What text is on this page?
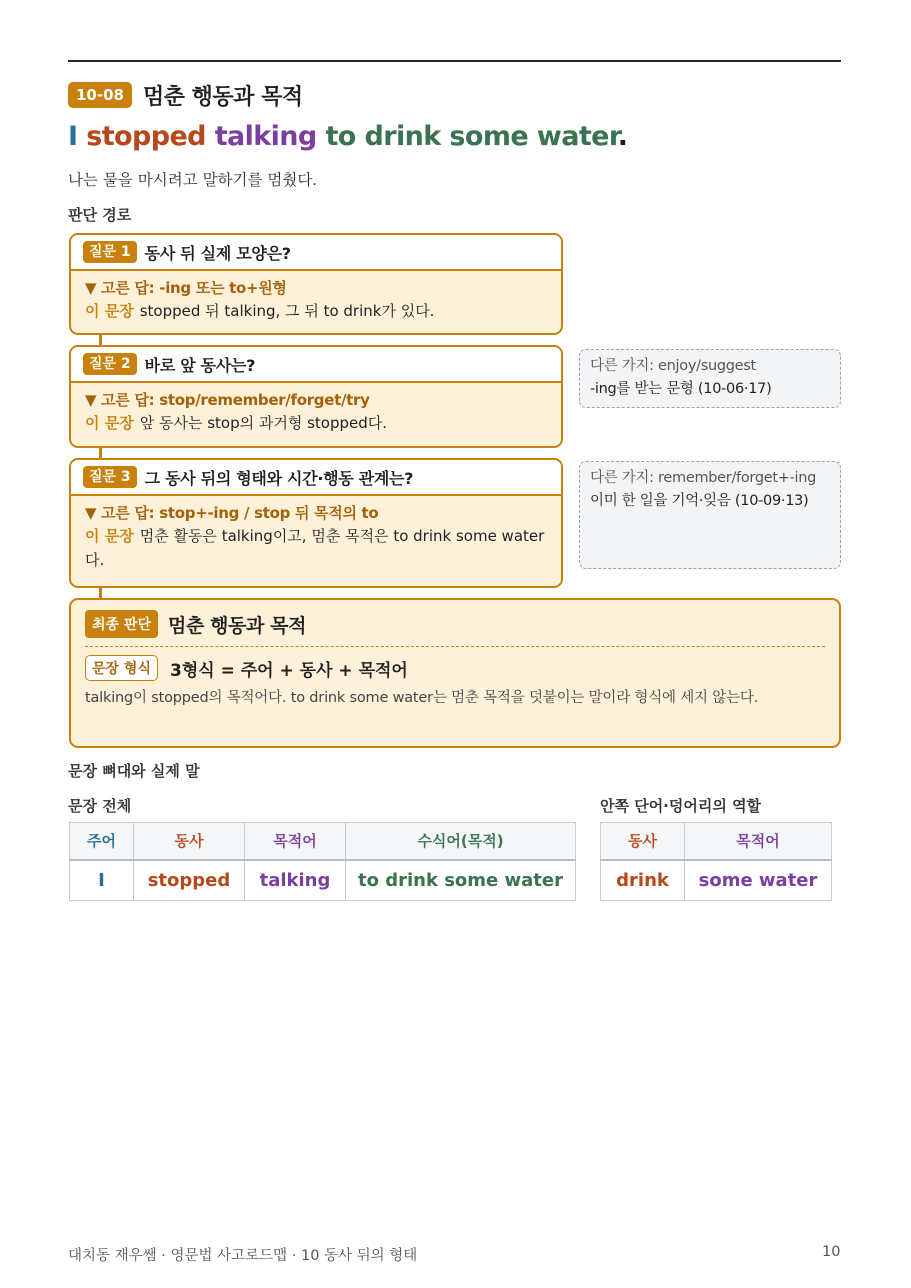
10-08 멈춘 행동과 목적
I stopped talking to drink some water.
나는 물을 마시려고 말하기를 멈췄다.
판단 경로
질문 1 동사 뒤 실제 모양은?
▼ 고른 답: -ing 또는 to+원형
이 문장 stopped 뒤 talking, 그 뒤 to drink가 있다.
질문 2 바로 앞 동사는?
▼ 고른 답: stop/remember/forget/try
이 문장 앞 동사는 stop의 과거형 stopped다.
질문 3 그 동사 뒤의 형태와 시간·행동 관계는?
▼ 고른 답: stop+-ing / stop 뒤 목적의 to
이 문장 멈춘 활동은 talking이고, 멈춘 목적은 to drink some water다.
다른 가지: enjoy/suggest
-ing를 받는 문형 (10-06·17)
다른 가지: remember/forget+-ing
이미 한 일을 기억·잊음 (10-09·13)
최종 판단 멈춘 행동과 목적
문장 형식	3형식 = 주어 + 동사 + 목적어
talking이 stopped의 목적어다. to drink some water는 멈춘 목적을 덧붙이는 말이라 형식에 세지 않는다.
문장 뼈대와 실제 말
문장 전체	안쪽 단어·덩어리의 역할
주어	동사	목적어	수식어(목적)
I	stopped	talking	to drink some water
동사	목적어
drink	some water
대치동 재우쌤 · 영문법 사고로드맵 · 10 동사 뒤의 형태	10
